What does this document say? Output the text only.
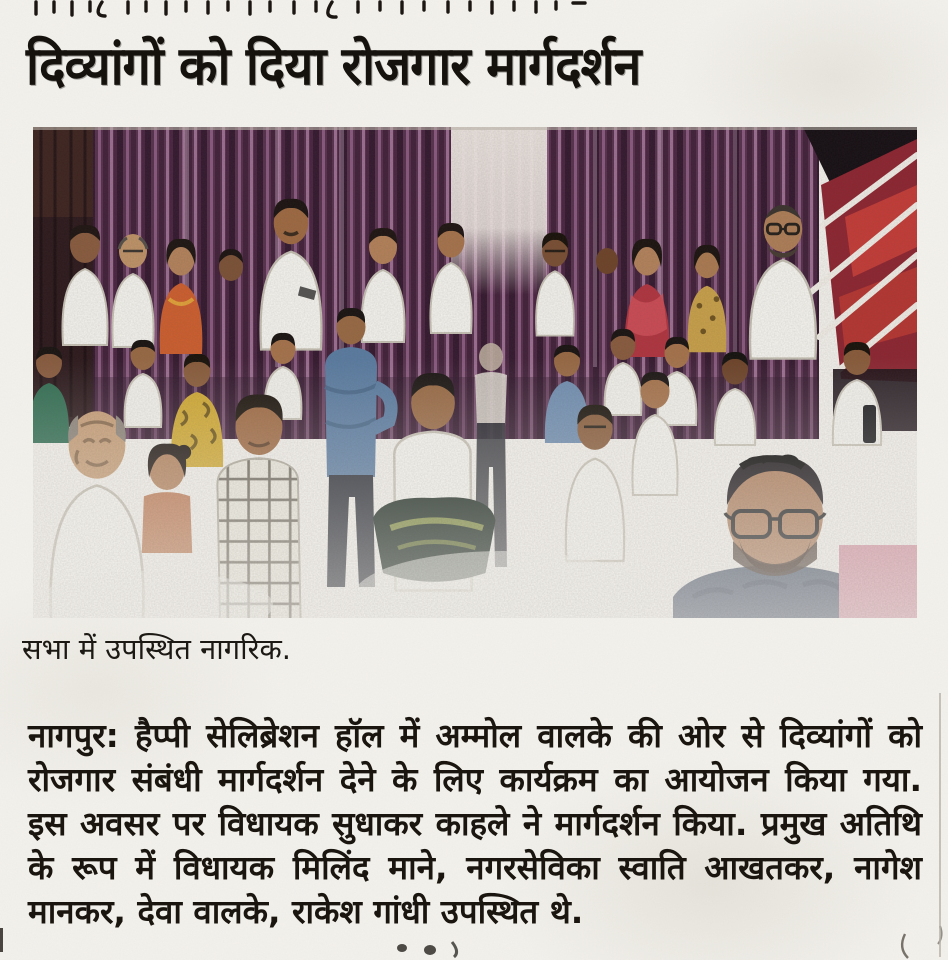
दिव्यांगों को दिया रोजगार मार्गदर्शन
सभा में उपस्थित नागरिक.
नागपुर: हैप्पी सेलिब्रेशन हॉल में अम्मोल वालके की ओर से दिव्यांगों को
रोजगार संबंधी मार्गदर्शन देने के लिए कार्यक्रम का आयोजन किया गया.
इस अवसर पर विधायक सुधाकर काहले ने मार्गदर्शन किया. प्रमुख अतिथि
के रूप में विधायक मिलिंद माने, नगरसेविका स्वाति आखतकर, नागेश
मानकर, देवा वालके, राकेश गांधी उपस्थित थे.
